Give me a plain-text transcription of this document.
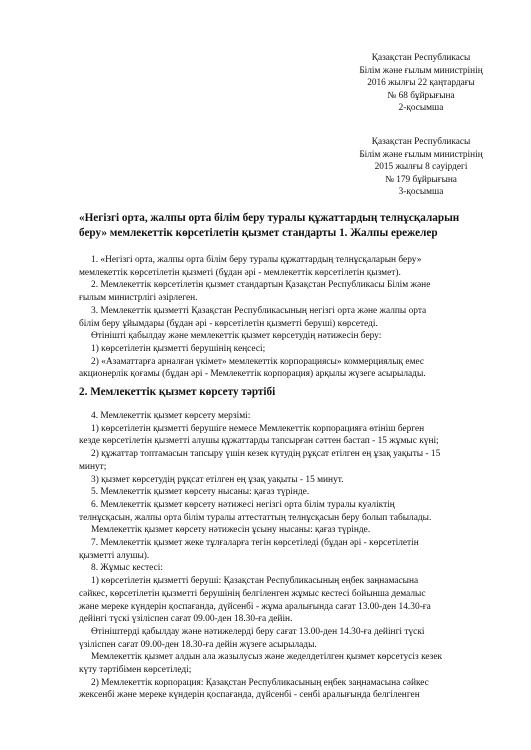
Қазақстан Республикасы
Білім және ғылым министрінің
2016 жылғы 22 қаңтардағы
№ 68 бұйрығына
2-қосымша
Қазақстан Республикасы
Білім және ғылым министрінің
2015 жылғы 8 сәуірдегі
№ 179 бұйрығына
3-қосымша
«Негізгі орта, жалпы орта білім беру туралы құжаттардың телнұсқаларын
беру» мемлекеттік көрсетілетін қызмет стандарты 1. Жалпы ережелер
1. «Негізгі орта, жалпы орта білім беру туралы құжаттардың телнұсқаларын беру»
мемлекеттік көрсетілетін қызметі (бұдан әрі - мемлекеттік көрсетілетін қызмет).
2. Мемлекеттік көрсетілетін қызмет стандартын Қазақстан Республикасы Білім және
ғылым министрлігі әзірлеген.
3. Мемлекеттік қызметті Қазақстан Республикасының негізгі орта және жалпы орта
білім беру ұйымдары (бұдан әрі - көрсетілетін қызметті беруші) көрсетеді.
Өтінішті қабылдау және мемлекеттік қызмет көрсетудің нәтижесін беру:
1) көрсетілетін қызметті берушінің кеңсесі;
2) «Азаматтарға арналған үкімет» мемлекеттік корпорациясы» коммерциялық емес
акционерлік қоғамы (бұдан әрі - Мемлекеттік корпорация) арқылы жүзеге асырылады.
2. Мемлекеттік қызмет көрсету тәртібі
4. Мемлекеттік қызмет көрсету мерзімі:
1) көрсетілетін қызметті берушіге немесе Мемлекеттік корпорацияға өтініш берген
кезде көрсетілетін қызметті алушы құжаттарды тапсырған сәттен бастап - 15 жұмыс күні;
2) құжаттар топтамасын тапсыру үшін кезек күтудің рұқсат етілген ең ұзақ уақыты - 15
минут;
3) қызмет көрсетудің рұқсат етілген ең ұзақ уақыты - 15 минут.
5. Мемлекеттік қызмет көрсету нысаны: қағаз түрінде.
6. Мемлекеттік қызмет көрсету нәтижесі негізгі орта білім туралы куәліктің
телнұсқасын, жалпы орта білім туралы аттестаттың телнұсқасын беру болып табылады.
Мемлекеттік қызмет көрсету нәтижесін ұсыну нысаны: қағаз түрінде.
7. Мемлекеттік қызмет жеке тұлғаларға тегін көрсетіледі (бұдан әрі - көрсетілетін
қызметті алушы).
8. Жұмыс кестесі:
1) көрсетілетін қызметті беруші: Қазақстан Республикасының еңбек заңнамасына
сәйкес, көрсетілетін қызметті берушінің белгіленген жұмыс кестесі бойынша демалыс
және мереке күндерін қоспағанда, дүйсенбі - жұма аралығында сағат 13.00-ден 14.30-ға
дейінгі түскі үзіліспен сағат 09.00-ден 18.30-ға дейін.
Өтініштерді қабылдау және нәтижелерді беру сағат 13.00-ден 14.30-ға дейінгі түскі
үзіліспен сағат 09.00-ден 18.30-ға дейін жүзеге асырылады.
Мемлекеттік қызмет алдын ала жазылусыз және жеделдетілген қызмет көрсетусіз кезек
күту тәртібімен көрсетіледі;
2) Мемлекеттік корпорация: Қазақстан Республикасының еңбек заңнамасына сәйкес
жексенбі және мереке күндерін қоспағанда, дүйсенбі - сенбі аралығында белгіленген
